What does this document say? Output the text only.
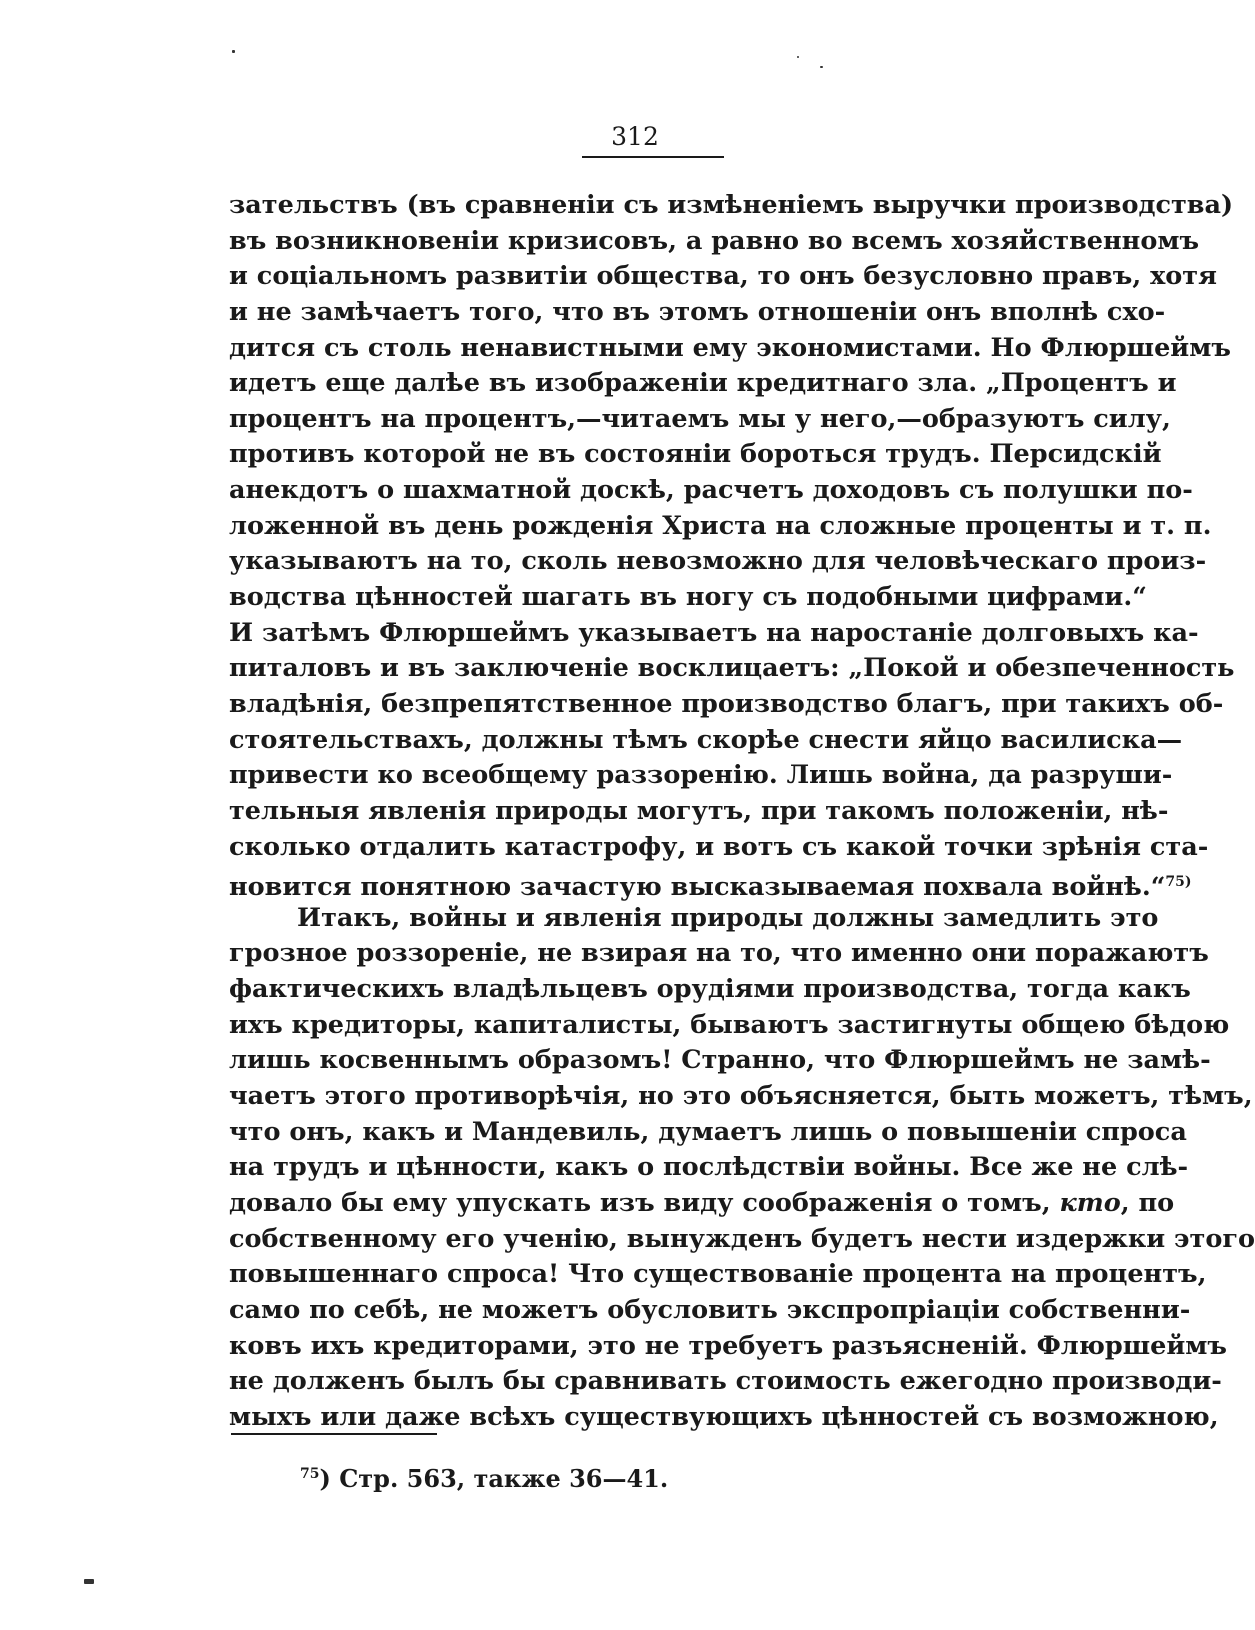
312
зательствъ (въ сравненiи съ измѣненiемъ выручки производства)
въ возникновенiи кризисовъ, а равно во всемъ хозяйственномъ
и соцiальномъ развитiи общества, то онъ безусловно правъ, хотя
и не замѣчаетъ того, что въ этомъ отношенiи онъ вполнѣ схо-
дится съ столь ненавистными ему экономистами. Но Флюршеймъ
идетъ еще далѣе въ изображенiи кредитнаго зла. „Процентъ и
процентъ на процентъ,—читаемъ мы у него,—образуютъ силу,
противъ которой не въ состоянiи бороться трудъ. Персидскiй
анекдотъ о шахматной доскѣ, расчетъ доходовъ съ полушки по-
ложенной въ день рожденiя Христа на сложные проценты и т. п.
указываютъ на то, сколь невозможно для человѣческаго произ-
водства цѣнностей шагать въ ногу съ подобными цифрами.“
И затѣмъ Флюршеймъ указываетъ на наростанiе долговыхъ ка-
питаловъ и въ заключенiе восклицаетъ: „Покой и обезпеченность
владѣнiя, безпрепятственное производство благъ, при такихъ об-
стоятельствахъ, должны тѣмъ скорѣе снести яйцо василиска—
привести ко всеобщему раззоренiю. Лишь война, да разруши-
тельныя явленiя природы могутъ, при такомъ положенiи, нѣ-
сколько отдалить катастрофу, и вотъ съ какой точки зрѣнiя ста-
новится понятною зачастую высказываемая похвала войнѣ.“$^{75)}$
Итакъ, войны и явленiя природы должны замедлить это
грозное роззоренiе, не взирая на то, что именно они поражаютъ
фактическихъ владѣльцевъ орудiями производства, тогда какъ
ихъ кредиторы, капиталисты, бываютъ застигнуты общею бѣдою
лишь косвеннымъ образомъ! Странно, что Флюршеймъ не замѣ-
чаетъ этого противорѣчiя, но это объясняется, быть можетъ, тѣмъ,
что онъ, какъ и Мандевиль, думаетъ лишь о повышенiи спроса
на трудъ и цѣнности, какъ о послѣдствiи войны. Все же не слѣ-
довало бы ему упускать изъ виду соображенiя о томъ, кто, по
собственному его ученiю, вынужденъ будетъ нести издержки этого
повышеннаго спроса! Что существованiе процента на процентъ,
само по себѣ, не можетъ обусловить экспропрiацiи собственни-
ковъ ихъ кредиторами, это не требуетъ разъясненiй. Флюршеймъ
не долженъ былъ бы сравнивать стоимость ежегодно производи-
мыхъ или даже всѣхъ существующихъ цѣнностей съ возможною,
$^{75}$) Стр. 563, также 36—41.
